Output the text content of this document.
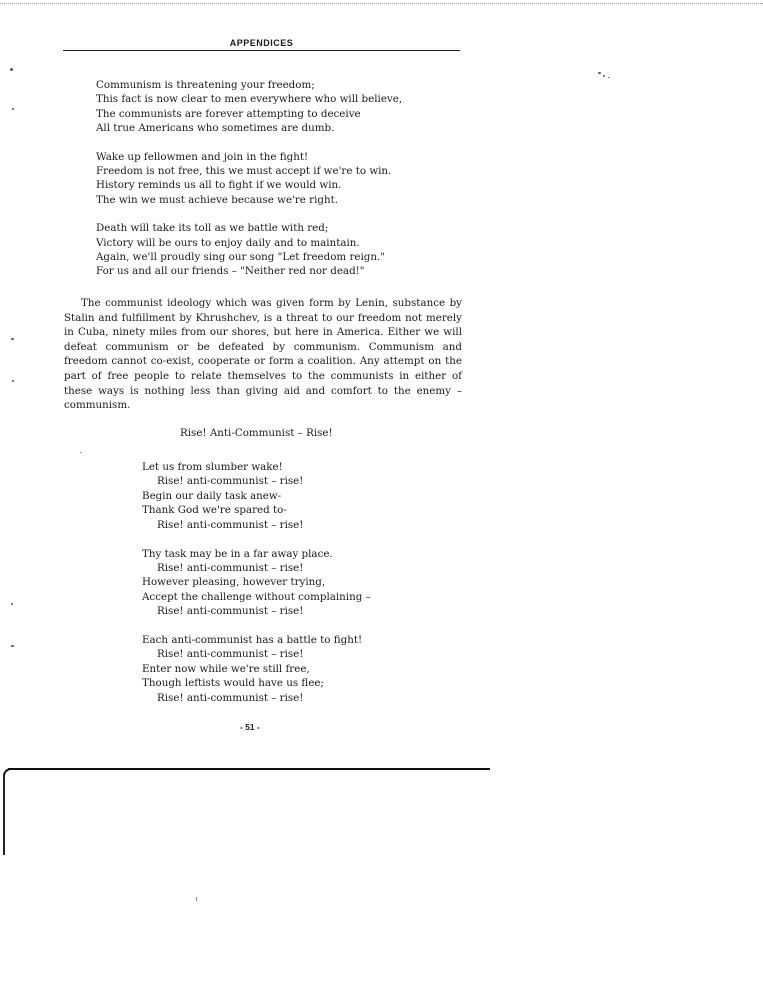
APPENDICES
Communism is threatening your freedom;
This fact is now clear to men everywhere who will believe,
The communists are forever attempting to deceive
All true Americans who sometimes are dumb.
Wake up fellowmen and join in the fight!
Freedom is not free, this we must accept if we're to win.
History reminds us all to fight if we would win.
The win we must achieve because we're right.
Death will take its toll as we battle with red;
Victory will be ours to enjoy daily and to maintain.
Again, we'll proudly sing our song "Let freedom reign."
For us and all our friends – "Neither red nor dead!"
The communist ideology which was given form by Lenin, substance by Stalin and fulfillment by Khrushchev, is a threat to our freedom not merely in Cuba, ninety miles from our shores, but here in America. Either we will defeat communism or be defeated by communism. Communism and freedom cannot co-exist, cooperate or form a coalition. Any attempt on the part of free people to relate themselves to the communists in either of these ways is nothing less than giving aid and comfort to the enemy – communism.
Rise! Anti-Communist – Rise!
Let us from slumber wake!
Rise! anti-communist – rise!
Begin our daily task anew-
Thank God we're spared to-
Rise! anti-communist – rise!
Thy task may be in a far away place.
Rise! anti-communist – rise!
However pleasing, however trying,
Accept the challenge without complaining –
Rise! anti-communist – rise!
Each anti-communist has a battle to fight!
Rise! anti-communist – rise!
Enter now while we're still free,
Though leftists would have us flee;
Rise! anti-communist – rise!
- 51 -
